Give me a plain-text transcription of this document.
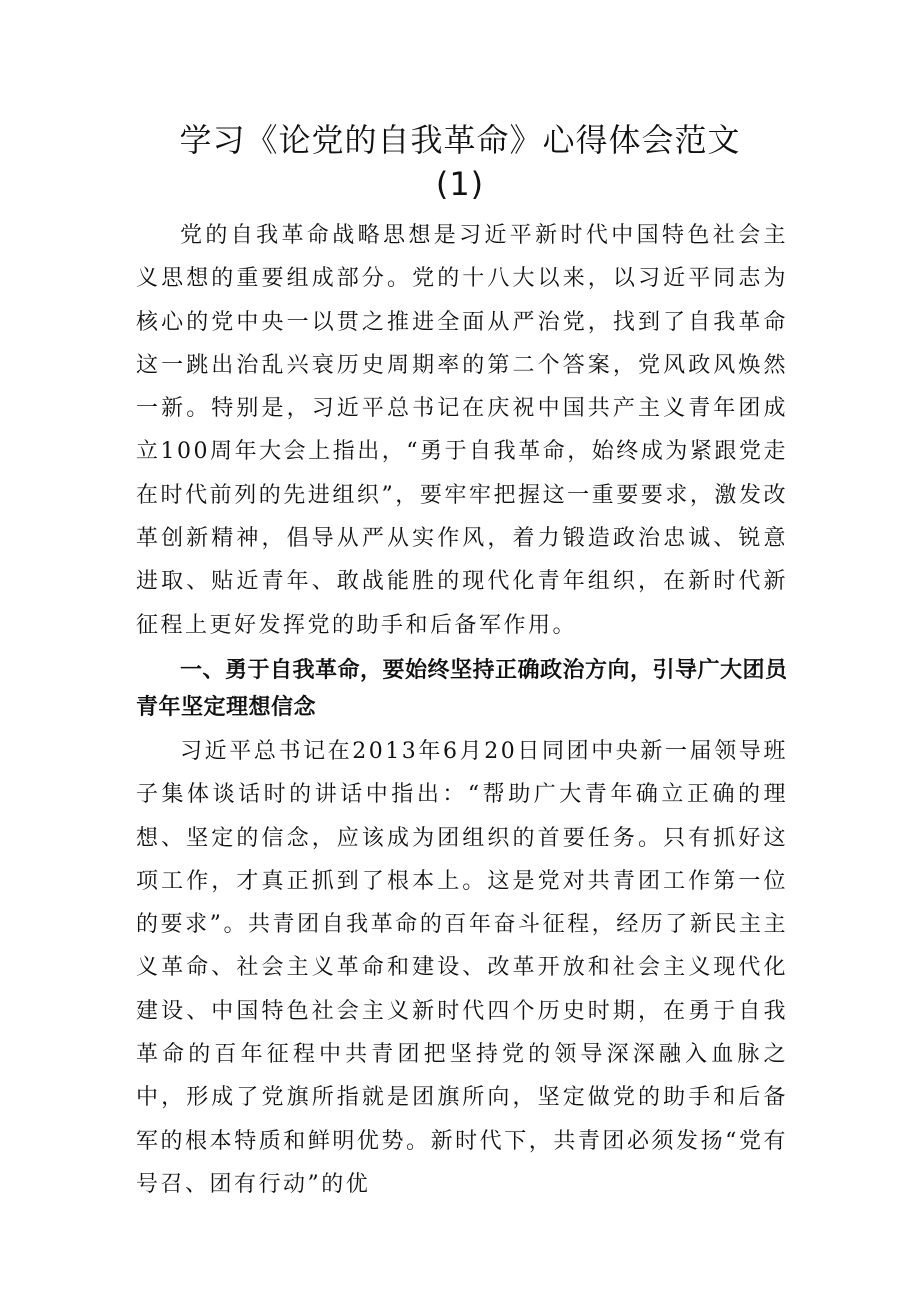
学习《论党的自我革命》心得体会范文
(1)

党的自我革命战略思想是习近平新时代中国特色社会主义思想的重要组成部分。党的十八大以来，以习近平同志为核心的党中央一以贯之推进全面从严治党，找到了自我革命这一跳出治乱兴衰历史周期率的第二个答案，党风政风焕然一新。特别是，习近平总书记在庆祝中国共产主义青年团成立100周年大会上指出，“勇于自我革命，始终成为紧跟党走在时代前列的先进组织”，要牢牢把握这一重要要求，激发改革创新精神，倡导从严从实作风，着力锻造政治忠诚、锐意进取、贴近青年、敢战能胜的现代化青年组织，在新时代新征程上更好发挥党的助手和后备军作用。

一、勇于自我革命，要始终坚持正确政治方向，引导广大团员青年坚定理想信念

习近平总书记在2013年6月20日同团中央新一届领导班子集体谈话时的讲话中指出：“帮助广大青年确立正确的理想、坚定的信念，应该成为团组织的首要任务。只有抓好这项工作，才真正抓到了根本上。这是党对共青团工作第一位的要求”。共青团自我革命的百年奋斗征程，经历了新民主主义革命、社会主义革命和建设、改革开放和社会主义现代化建设、中国特色社会主义新时代四个历史时期，在勇于自我革命的百年征程中共青团把坚持党的领导深深融入血脉之中，形成了党旗所指就是团旗所向，坚定做党的助手和后备军的根本特质和鲜明优势。新时代下，共青团必须发扬“党有号召、团有行动”的优
